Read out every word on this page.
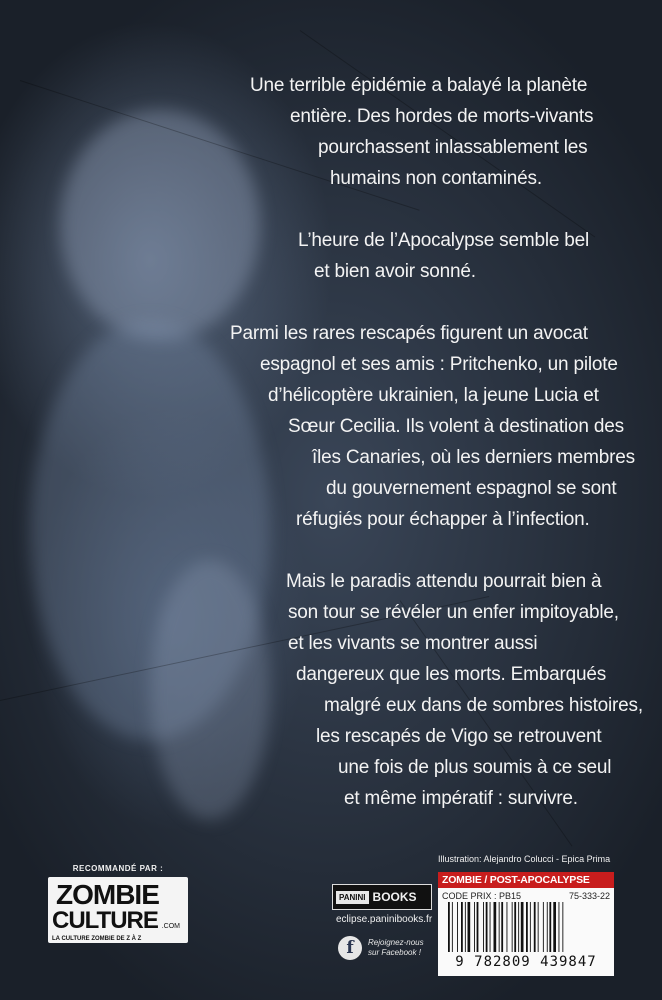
Une terrible épidémie a balayé la planète
entière. Des hordes de morts-vivants
pourchassent inlassablement les
humains non contaminés.

L’heure de l’Apocalypse semble bel
et bien avoir sonné.

Parmi les rares rescapés figurent un avocat
espagnol et ses amis : Pritchenko, un pilote
d’hélicoptère ukrainien, la jeune Lucia et
Sœur Cecilia. Ils volent à destination des
îles Canaries, où les derniers membres
du gouvernement espagnol se sont
réfugiés pour échapper à l’infection.

Mais le paradis attendu pourrait bien à
son tour se révéler un enfer impitoyable,
et les vivants se montrer aussi
dangereux que les morts. Embarqués
malgré eux dans de sombres histoires,
les rescapés de Vigo se retrouvent
une fois de plus soumis à ce seul
et même impératif : survivre.

RECOMMANDÉ PAR :
ZOMBIE
CULTURE .COM
LA CULTURE ZOMBIE DE Z À Z
PANINI BOOKS
eclipse.paninibooks.fr
f	Rejoignez-nous
sur Facebook !
Illustration: Alejandro Colucci - Epica Prima
ZOMBIE / POST-APOCALYPSE
CODE PRIX : PB15	75-333-22
9 782809 439847
